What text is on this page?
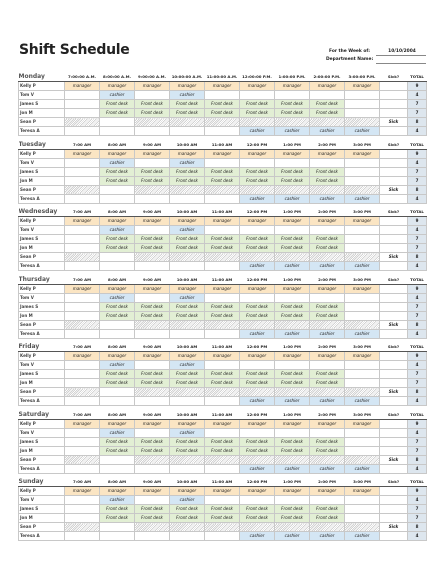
Shift Schedule	For the Week of:	10/10/2004
Department Name:
Monday	7:00:00 A.M.	8:00:00 A.M.	9:00:00 A.M.	10:00:00 A.M.	11:00:00 A.M.	12:00:00 P.M.	1:00:00 P.M.	2:00:00 P.M.	3:00:00 P.M.	Sick?	TOTAL
Kelly P	manager	manager	manager	manager	manager	manager	manager	manager	manager		9
Tom V		cashier		cashier							4
James S		Front desk	Front desk	Front desk	Front desk	Front desk	Front desk	Front desk			7
Jon M		Front desk	Front desk	Front desk	Front desk	Front desk	Front desk	Front desk			7
Sean P										Sick	8
Teresa A						cashier	cashier	cashier	cashier		4
Tuesday	7:00 AM	8:00 AM	9:00 AM	10:00 AM	11:00 AM	12:00 PM	1:00 PM	2:00 PM	3:00 PM	Sick?	TOTAL
Kelly P	manager	manager	manager	manager	manager	manager	manager	manager	manager		9
Tom V		cashier		cashier							4
James S		Front desk	Front desk	Front desk	Front desk	Front desk	Front desk	Front desk			7
Jon M		Front desk	Front desk	Front desk	Front desk	Front desk	Front desk	Front desk			7
Sean P										Sick	8
Teresa A						cashier	cashier	cashier	cashier		4
Wednesday	7:00 AM	8:00 AM	9:00 AM	10:00 AM	11:00 AM	12:00 PM	1:00 PM	2:00 PM	3:00 PM	Sick?	TOTAL
Kelly P	manager	manager	manager	manager	manager	manager	manager	manager	manager		9
Tom V		cashier		cashier							4
James S		Front desk	Front desk	Front desk	Front desk	Front desk	Front desk	Front desk			7
Jon M		Front desk	Front desk	Front desk	Front desk	Front desk	Front desk	Front desk			7
Sean P										Sick	8
Teresa A						cashier	cashier	cashier	cashier		4
Thursday	7:00 AM	8:00 AM	9:00 AM	10:00 AM	11:00 AM	12:00 PM	1:00 PM	2:00 PM	3:00 PM	Sick?	TOTAL
Kelly P	manager	manager	manager	manager	manager	manager	manager	manager	manager		9
Tom V		cashier		cashier							4
James S		Front desk	Front desk	Front desk	Front desk	Front desk	Front desk	Front desk			7
Jon M		Front desk	Front desk	Front desk	Front desk	Front desk	Front desk	Front desk			7
Sean P										Sick	8
Teresa A						cashier	cashier	cashier	cashier		4
Friday	7:00 AM	8:00 AM	9:00 AM	10:00 AM	11:00 AM	12:00 PM	1:00 PM	2:00 PM	3:00 PM	Sick?	TOTAL
Kelly P	manager	manager	manager	manager	manager	manager	manager	manager	manager		9
Tom V		cashier		cashier							4
James S		Front desk	Front desk	Front desk	Front desk	Front desk	Front desk	Front desk			7
Jon M		Front desk	Front desk	Front desk	Front desk	Front desk	Front desk	Front desk			7
Sean P										Sick	8
Teresa A						cashier	cashier	cashier	cashier		4
Saturday	7:00 AM	8:00 AM	9:00 AM	10:00 AM	11:00 AM	12:00 PM	1:00 PM	2:00 PM	3:00 PM	Sick?	TOTAL
Kelly P	manager	manager	manager	manager	manager	manager	manager	manager	manager		9
Tom V		cashier		cashier							4
James S		Front desk	Front desk	Front desk	Front desk	Front desk	Front desk	Front desk			7
Jon M		Front desk	Front desk	Front desk	Front desk	Front desk	Front desk	Front desk			7
Sean P										Sick	8
Teresa A						cashier	cashier	cashier	cashier		4
Sunday	7:00 AM	8:00 AM	9:00 AM	10:00 AM	11:00 AM	12:00 PM	1:00 PM	2:00 PM	3:00 PM	Sick?	TOTAL
Kelly P	manager	manager	manager	manager	manager	manager	manager	manager	manager		9
Tom V		cashier		cashier							4
James S		Front desk	Front desk	Front desk	Front desk	Front desk	Front desk	Front desk			7
Jon M		Front desk	Front desk	Front desk	Front desk	Front desk	Front desk	Front desk			7
Sean P										Sick	8
Teresa A						cashier	cashier	cashier	cashier		4
